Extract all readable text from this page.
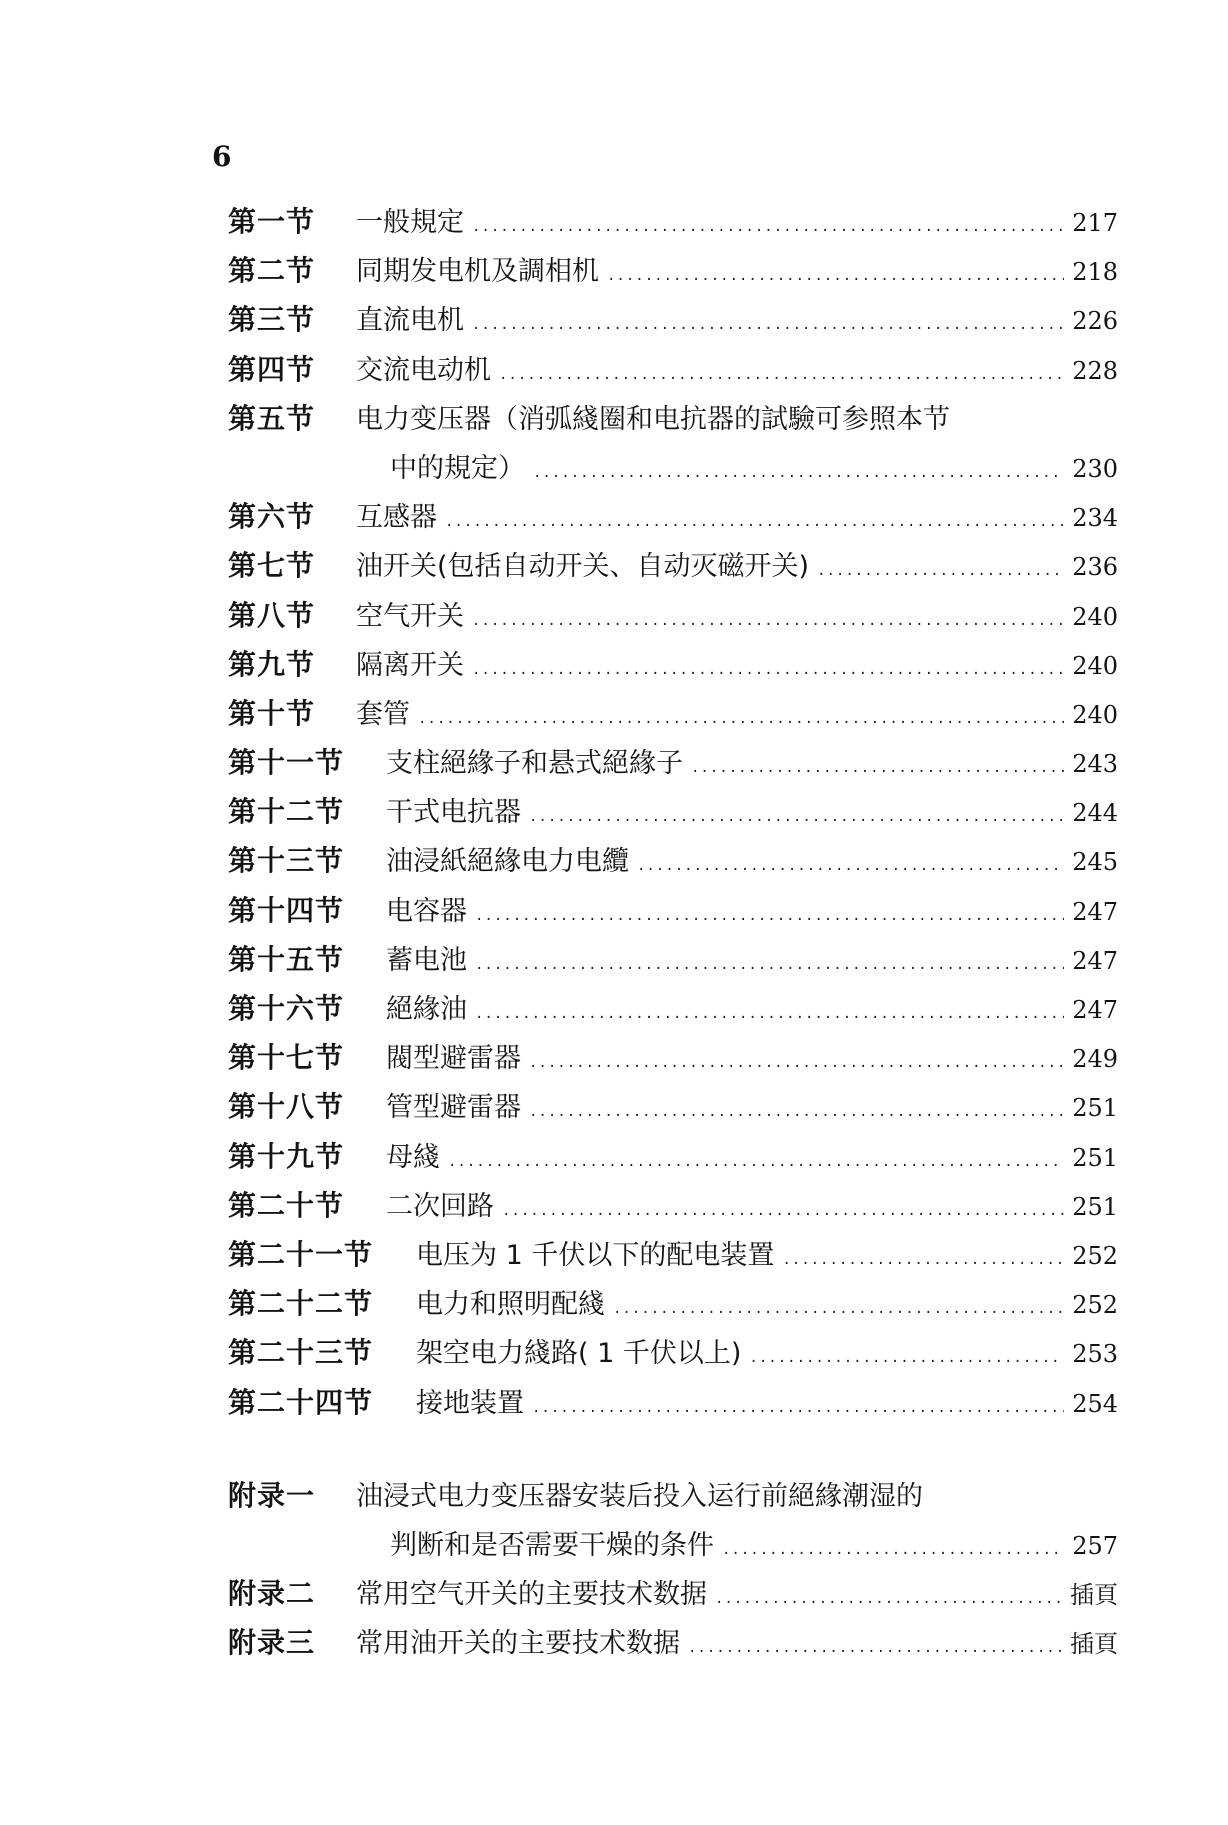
6
第一节	一般規定 .....	217
第二节	同期发电机及調相机 .....	218
第三节	直流电机 .....	226
第四节	交流电动机 .....	228
第五节	电力变压器（消弧綫圈和电抗器的試驗可参照本节
中的規定） .....	230
第六节	互感器 .....	234
第七节	油开关(包括自动开关、自动灭磁开关) .....	236
第八节	空气开关 .....	240
第九节	隔离开关 .....	240
第十节	套管 .....	240
第十一节	支柱絕緣子和悬式絕緣子 .....	243
第十二节	干式电抗器 .....	244
第十三节	油浸紙絕緣电力电纜 .....	245
第十四节	电容器 .....	247
第十五节	蓄电池 .....	247
第十六节	絕緣油 .....	247
第十七节	閥型避雷器 .....	249
第十八节	管型避雷器 .....	251
第十九节	母綫 .....	251
第二十节	二次回路 .....	251
第二十一节	电压为 1 千伏以下的配电装置 .....	252
第二十二节	电力和照明配綫 .....	252
第二十三节	架空电力綫路( 1 千伏以上) .....	253
第二十四节	接地装置 .....	254
附录一	油浸式电力变压器安装后投入运行前絕緣潮湿的
判断和是否需要干燥的条件 .....	257
附录二	常用空气开关的主要技术数据 .....	插頁
附录三	常用油开关的主要技术数据 .....	插頁
